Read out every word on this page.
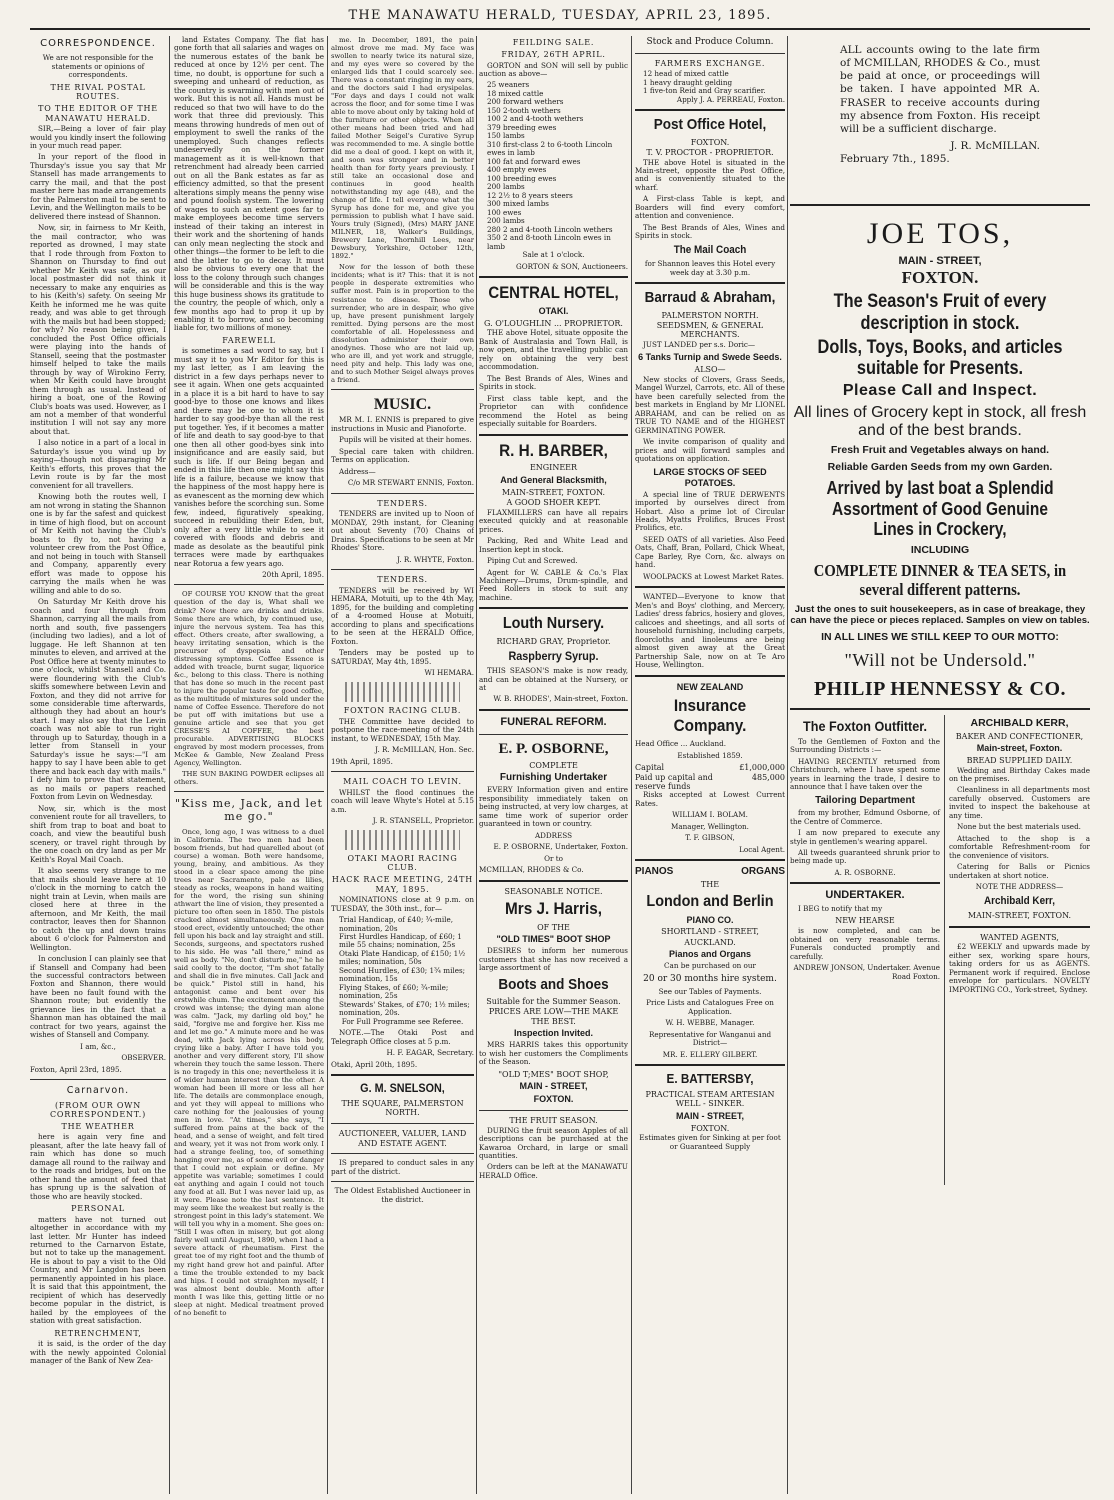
THE MANAWATU HERALD, TUESDAY, APRIL 23, 1895.
CORRESPONDENCE.

We are not responsible for the statements or opinions of correspondents.

THE RIVAL POSTAL ROUTES.
TO THE EDITOR OF THE MANAWATU HERALD.

SIR,—Being a lover of fair play would you kindly insert the following in your much read paper.

In your report of the flood in Thursday's issue you say that Mr Stansell has made arrangements to carry the mail, and that the post master here has made arrangements for the Palmerston mail to be sent to Levin, and the Wellington mails to be delivered there instead of Shannon.

Now, sir, in fairness to Mr Keith, the mail contractor, who was reported as drowned, I may state that I rode through from Foxton to Shannon on Thursday to find out whether Mr Keith was safe, as our local postmaster did not think it necessary to make any enquiries as to his (Keith's) safety. On seeing Mr Keith he informed me he was quite ready, and was able to get through with the mails but had been stopped; for why? No reason being given, I concluded the Post Office officials were playing into the hands of Stansell, seeing that the postmaster himself helped to take the mails through by way of Wirokino Ferry, when Mr Keith could have brought them through as usual. Instead of hiring a boat, one of the Rowing Club's boats was used. However, as I am not a member of that wonderful institution I will not say any more about that.

I also notice in a part of a local in Saturday's issue you wind up by saying—though not disparaging Mr Keith's efforts, this proves that the Levin route is by far the most convenient for all travellers.

Knowing both the routes well, I am not wrong in stating the Shannon one is by far the safest and quickest in time of high flood, but on account of Mr Keith not having the Club's boats to fly to, not having a volunteer crew from the Post Office, and not being in touch with Stansell and Company, apparently every effort was made to oppose his carrying the mails when he was willing and able to do so.

On Saturday Mr Keith drove his coach and four through from Shannon, carrying all the mails from north and south, five passengers (including two ladies), and a lot of luggage. He left Shannon at ten minutes to eleven, and arrived at the Post Office here at twenty minutes to one o'clock, whilst Stansell and Co. were floundering with the Club's skiffs somewhere between Levin and Foxton, and they did not arrive for some considerable time afterwards, although they had about an hour's start. I may also say that the Levin coach was not able to run right through up to Saturday, though in a letter from Stansell in your Saturday's issue he says:—"I am happy to say I have been able to get there and back each day with mails." I defy him to prove that statement, as no mails or papers reached Foxton from Levin on Wednesday.

Now, sir, which is the most convenient route for all travellers, to shift from trap to boat and boat to coach, and view the beautiful bush scenery, or travel right through by the one coach on dry land as per Mr Keith's Royal Mail Coach.

It also seems very strange to me that mails should leave here at 10 o'clock in the morning to catch the night train at Levin, when mails are closed here at three in the afternoon, and Mr Keith, the mail contractor, leaves then for Shannon to catch the up and down trains about 6 o'clock for Palmerston and Wellington.

In conclusion I can plainly see that if Stansell and Company had been the successful contractors between Foxton and Shannon, there would have been no fault found with the Shannon route; but evidently the grievance lies in the fact that a Shannon man has obtained the mail contract for two years, against the wishes of Stansell and Company.

I am, &c.,

OBSERVER.

Foxton, April 23rd, 1895.

Carnarvon.
(FROM OUR OWN CORRESPONDENT.)
THE WEATHER

here is again very fine and pleasant, after the late heavy fall of rain which has done so much damage all round to the railway and to the roads and bridges, but on the other hand the amount of feed that has sprung up is the salvation of those who are heavily stocked.

PERSONAL

matters have not turned out altogether in accordance with my last letter. Mr Hunter has indeed returned to the Carnarvon Estate, but not to take up the management. He is about to pay a visit to the Old Country, and Mr Langdon has been permanently appointed in his place. It is said that this appointment, the recipient of which has deservedly become popular in the district, is hailed by the employees of the station with great satisfaction.

RETRENCHMENT,

it is said, is the order of the day with the newly appointed Colonial manager of the Bank of New Zea-

land Estates Company. The flat has gone forth that all salaries and wages on the numerous estates of the bank be reduced at once by 12½ per cent. The time, no doubt, is opportune for such a sweeping and unheard of reduction, as the country is swarming with men out of work. But this is not all. Hands must be reduced so that two will have to do the work that three did previously. This means throwing hundreds of men out of employment to swell the ranks of the unemployed. Such changes reflects undeservedly on the former management as it is well-known that retrenchment had already been carried out on all the Bank estates as far as efficiency admitted, so that the present alterations simply means the penny wise and pound foolish system. The lowering of wages to such an extent goes far to make employees become time servers instead of their taking an interest in their work and the shortening of hands can only mean neglecting the stock and other things—the former to be left to die and the latter to go to decay. It must also be obvious to every one that the loss to the colony through such changes will be considerable and this is the way this huge business shows its gratitude to the country, the people of which, only a few months ago had to prop it up by enabling it to borrow, and so becoming liable for, two millions of money.

FAREWELL

is sometimes a sad word to say, but I must say it to you Mr Editor for this is my last letter, as I am leaving the district in a few days perhaps never to see it again. When one gets acquainted in a place it is a bit hard to have to say good-bye to those one knows and likes and there may be one to whom it is harder to say good-bye than all the rest put together. Yes, if it becomes a matter of life and death to say good-bye to that one then all other good-byes sink into insignificance and are easily said, but such is life. If our Being began and ended in this life then one might say this life is a failure, because we know that the happiness of the most happy here is as evanescent as the morning dew which vanishes before the scorching sun. Some few, indeed, figuratively speaking, succeed in rebuilding their Eden, but, only after a very little while to see it covered with floods and debris and made as desolate as the beautiful pink terraces were made by earthquakes near Rotorua a few years ago.

20th April, 1895.

OF COURSE YOU KNOW that the great question of the day is, What shall we drink? Now there are drinks and drinks. Some there are which, by continued use, injure the nervous system. Tea has this effect. Others create, after swallowing, a heavy irritating sensation, which is the precursor of dyspepsia and other distressing symptoms. Coffee Essence is added with treacle, burnt sugar, liquorice &c., belong to this class. There is nothing that has done so much in the recent past to injure the popular taste for good coffee, as the multitude of mixtures sold under the name of Coffee Essence. Therefore do not be put off with imitations but use a genuine article and see that you get CRESSE'S AI COFFEE, the best procurable. ADVERTISING BLOCKS engraved by most modern processes, from McKee & Gamble, New Zealand Press Agency, Wellington.

THE SUN BAKING POWDER eclipses all others.

"Kiss me, Jack, and let me go."

Once, long ago, I was witness to a duel in California. The two men had been bosom friends, but had quarelled about (of course) a woman. Both were handsome, young, brainy, and ambitious. As they stood in a clear space among the pine trees near Sacramento, pale as lilies, steady as rocks, weapons in hand waiting for the word, the rising sun shining athwart the line of vision, they presented a picture too often seen in 1850. The pistols cracked almost simultaneously. One man stood erect, evidently untouched; the other fell upon his back and lay straight and still. Seconds, surgeons, and spectators rushed to his side. He was "all there," mind as well as body. "No, don't disturb me," he he said coolly to the doctor, "I'm shot fatally and shall die in five minutes. Call Jack and be quick." Pistol still in hand, his antagonist came and bent over his erstwhile chum. The excitement among the crowd was intense; the dying man alone was calm. "Jack, my darling old boy," he said, "forgive me and forgive her. Kiss me and let me go." A minute more and he was dead, with Jack lying across his body, crying like a baby. After I have told you another and very different story, I'll show wherein they touch the same lesson. There is no tragedy in this one; nevertheless it is of wider human interest than the other. A woman had been ill more or less all her life. The details are commonplace enough, and yet they will appeal to millions who care nothing for the jealousies of young men in love. "At times," she says, "I suffered from pains at the back of the head, and a sense of weight, and felt tired and weary, yet it was not from work only. I had a strange feeling, too, of something hanging over me, as of some evil or danger that I could not explain or define. My appetite was variable; sometimes I could eat anything and again I could not touch any food at all. But I was never laid up, as it were. Please note the last sentence. It may seem like the weakest but really is the strongest point in this lady's statement. We will tell you why in a moment. She goes on: "Still I was often in misery, but got along fairly well until August, 1890, when I had a severe attack of rheumatism. First the great toe of my right foot and the thumb of my right hand grew hot and painful. After a time the trouble extended to my back and hips. I could not straighten myself; I was almost bent double. Month after month I was like this, getting little or no sleep at night. Medical treatment proved of no benefit to

me. In December, 1891, the pain almost drove me mad. My face was swollen to nearly twice its natural size, and my eyes were so covered by the enlarged lids that I could scarcely see. There was a constant ringing in my ears, and the doctors said I had erysipelas. "For days and days I could not walk across the floor, and for some time I was able to move about only by taking hold of the furniture or other objects. When all other means had been tried and had failed Mother Seigel's Curative Syrup was recommended to me. A single bottle did me a deal of good. I kept on with it, and soon was stronger and in better health than for forty years previously. I still take an occasional dose and continues in good health notwithstanding my age (48), and the change of life. I tell everyone what the Syrup has done for me, and give you permission to publish what I have said. Yours truly (Signed), (Mrs) MARY JANE MILNER, 18, Walker's Buildings, Brewery Lane, Thornhill Lees, near Dewsbury, Yorkshire, October 12th, 1892."

Now for the lesson of both these incidents; what is it? This: that it is not people in desperate extremities who suffer most. Pain is in proportion to the resistance to disease. Those who surrender, who are in despair, who give up, have present punishment largely remitted. Dying persons are the most comfortable of all. Hopelessness and dissolution administer their own anodynes. Those who are not laid up, who are ill, and yet work and struggle, need pity and help. This lady was one, and to such Mother Seigel always proves a friend.

MUSIC.

MR M. I. ENNIS is prepared to give instructions in Music and Pianoforte.

Pupils will be visited at their homes.

Special care taken with children. Terms on application.

Address—

C/o MR STEWART ENNIS, Foxton.

TENDERS.

TENDERS are invited up to Noon of MONDAY, 29th instant, for Cleaning out about Seventy (70) Chains of Drains. Specifications to be seen at Mr Rhodes' Store.

J. R. WHYTE, Foxton.

TENDERS.

TENDERS will be received by WI HEMARA, Motuiti, up to the 4th May, 1895, for the building and completing of a 4-roomed House at Motuiti, according to plans and specifications to be seen at the HERALD Office, Foxton.

Tenders may be posted up to SATURDAY, May 4th, 1895.

WI HEMARA.

FOXTON RACING CLUB.

THE Committee have decided to postpone the race-meeting of the 24th instant, to WEDNESDAY, 15th May.

J. R. McMILLAN, Hon. Sec.

19th April, 1895.

MAIL COACH TO LEVIN.

WHILST the flood continues the coach will leave Whyte's Hotel at 5.15 a.m.

J. R. STANSELL, Proprietor.

OTAKI MAORI RACING CLUB.
HACK RACE MEETING, 24TH MAY, 1895.

NOMINATIONS close at 9 p.m. on TUESDAY, the 30th inst., for—

Trial Handicap, of £40; ¾-mile, nomination, 20s
First Hurdles Handicap, of £60; 1 mile 55 chains; nomination, 25s
Otaki Plate Handicap, of £150; 1½ miles; nomination, 50s
Second Hurdles, of £30; 1¾ miles; nomination, 15s
Flying Stakes, of £60; ¾-mile; nomination, 25s
Stewards' Stakes, of £70; 1½ miles; nomination, 20s.

For Full Programme see Referee.

NOTE.—The Otaki Post and Telegraph Office closes at 5 p.m.

H. F. EAGAR, Secretary.

Otaki, April 20th, 1895.

G. M. SNELSON,
THE SQUARE, PALMERSTON NORTH.
AUCTIONEER, VALUER, LAND AND ESTATE AGENT.

IS prepared to conduct sales in any part of the district.

The Oldest Established Auctioneer in the district.

FEILDING SALE.
FRIDAY, 26TH APRIL.

GORTON and SON will sell by public auction as above—

25 weaners
18 mixed cattle
200 forward wethers
150 2-tooth wethers
100 2 and 4-tooth wethers
379 breeding ewes
150 lambs
310 first-class 2 to 6-tooth Lincoln ewes in lamb
100 fat and forward ewes
400 empty ewes
100 breeding ewes
200 lambs
12 2½ to 8 years steers
300 mixed lambs
100 ewes
200 lambs
280 2 and 4-tooth Lincoln wethers
350 2 and 8-tooth Lincoln ewes in lamb

Sale at 1 o'clock.

GORTON & SON, Auctioneers.

CENTRAL HOTEL,
OTAKI.
G. O'LOUGHLIN ... PROPRIETOR.

THE above Hotel, situate opposite the Bank of Australasia and Town Hall, is now open, and the travelling public can rely on obtaining the very best accommodation.

The Best Brands of Ales, Wines and Spirits in stock.

First class table kept, and the Proprietor can with confidence recommend the Hotel as being especially suitable for Boarders.

R. H. BARBER,
ENGINEER
And General Blacksmith,
MAIN-STREET, FOXTON.
A GOOD SHOER KEPT.

FLAXMILLERS can have all repairs executed quickly and at reasonable prices.

Packing, Red and White Lead and Insertion kept in stock.

Piping Cut and Screwed.

Agent for W. CABLE & Co.'s Flax Machinery—Drums, Drum-spindle, and Feed Rollers in stock to suit any machine.

Louth Nursery.
RICHARD GRAY, Proprietor.
Raspberry Syrup.

THIS SEASON'S make is now ready, and can be obtained at the Nursery, or at

W. B. RHODES', Main-street, Foxton.

FUNERAL REFORM.
E. P. OSBORNE,
COMPLETE
Furnishing Undertaker

EVERY Information given and entire responsibility immediately taken on being instructed, at very low charges, at same time work of superior order guaranteed in town or country.

ADDRESS

E. P. OSBORNE, Undertaker, Foxton.

Or to

MCMILLAN, RHODES & Co.

SEASONABLE NOTICE.
Mrs J. Harris,
OF THE
"OLD TIMES" BOOT SHOP

DESIRES to inform her numerous customers that she has now received a large assortment of

Boots and Shoes
Suitable for the Summer Season.
PRICES ARE LOW—THE MAKE THE BEST.
Inspection Invited.

MRS HARRIS takes this opportunity to wish her customers the Compliments of the Season.

"OLD T;MES" BOOT SHOP,
MAIN - STREET,
FOXTON.
THE FRUIT SEASON.

DURING the fruit season Apples of all descriptions can be purchased at the Kawaroa Orchard, in large or small quantities.

Orders can be left at the MANAWATU HERALD Office.

Stock and Produce Column.
FARMERS EXCHANGE.
12 head of mixed cattle
1 heavy draught gelding
1 five-ton Reid and Gray scarifier.

Apply J. A. PERREAU, Foxton.

Post Office Hotel,
FOXTON.
T. V. PROCTOR - PROPRIETOR.

THE above Hotel is situated in the Main-street, opposite the Post Office, and is conveniently situated to the wharf.

A First-class Table is kept, and Boarders will find every comfort, attention and convenience.

The Best Brands of Ales, Wines and Spirits in stock.

The Mail Coach

for Shannon leaves this Hotel every week day at 3.30 p.m.

Barraud & Abraham,
PALMERSTON NORTH.
SEEDSMEN, & GENERAL MERCHANTS.

JUST LANDED per s.s. Doric—

6 Tanks Turnip and Swede Seeds.
ALSO—

New stocks of Clovers, Grass Seeds, Mangel Wurzel, Carrots, etc. All of these have been carefully selected from the best markets in England by Mr LIONEL ABRAHAM, and can be relied on as TRUE TO NAME and of the HIGHEST GERMINATING POWER.

We invite comparison of quality and prices and will forward samples and quotations on application.

LARGE STOCKS OF SEED POTATOES.

A special line of TRUE DERWENTS imported by ourselves direct from Hobart. Also a prime lot of Circular Heads, Myatts Prolifics, Bruces Frost Prolifics, etc.

SEED OATS of all varieties. Also Feed Oats, Chaff, Bran, Pollard, Chick Wheat, Cape Barley, Rye Corn, &c. always on hand.

WOOLPACKS at Lowest Market Rates.

WANTED—Everyone to know that Men's and Boys' clothing, and Mercery, Ladies' dress fabrics, hosiery and gloves, calicoes and sheetings, and all sorts of household furnishing, including carpets, floorcloths and linoleums are being almost given away at the Great Partnership Sale, now on at Te Aro House, Wellington.

NEW ZEALAND
Insurance Company.

Head Office ... Auckland.

Established 1859.

Capital	£1,000,000
Paid up capital and reserve funds	485,000

Risks accepted at Lowest Current Rates.

WILLIAM I. BOLAM.

Manager, Wellington.

T. F. GIBSON,

Local Agent.

PIANOS	ORGANS
THE
London and Berlin
PIANO CO.
SHORTLAND - STREET,
AUCKLAND.
Pianos and Organs

Can be purchased on our

20 or 30 months hire system.

See our Tables of Payments.

Price Lists and Catalogues Free on Application.

W. H. WEBBE, Manager.

Representative for Wanganui and District—

MR. E. ELLERY GILBERT.

E. BATTERSBY,
PRACTICAL STEAM ARTESIAN WELL - SINKER.
MAIN - STREET,
FOXTON.

Estimates given for Sinking at per foot or Guaranteed Supply

ALL accounts owing to the late firm of MCMILLAN, RHODES & Co., must be paid at once, or proceedings will be taken. I have appointed MR A. FRASER to receive accounts during my absence from Foxton. His receipt will be a sufficient discharge.
J. R. McMILLAN.
February 7th., 1895.
JOE TOS,
MAIN - STREET,
FOXTON.
The Season's Fruit of every description in stock.
Dolls, Toys, Books, and articles suitable for Presents.
Please Call and Inspect.
All lines of Grocery kept in stock, all fresh and of the best brands.
Fresh Fruit and Vegetables always on hand.
Reliable Garden Seeds from my own Garden.
Arrived by last boat a Splendid Assortment of Good Genuine Lines in Crockery,
INCLUDING
COMPLETE DINNER & TEA SETS, in several different patterns.
Just the ones to suit housekeepers, as in case of breakage, they can have the piece or pieces replaced. Samples on view on tables.
IN ALL LINES WE STILL KEEP TO OUR MOTTO:
"Will not be Undersold."
PHILIP HENNESSY & CO.
The Foxton Outfitter.

To the Gentlemen of Foxton and the Surrounding Districts :—

HAVING RECENTLY returned from Christchurch, where I have spent some years in learning the trade, I desire to announce that I have taken over the

Tailoring Department

from my brother, Edmund Osborne, of the Centre of Commerce.

I am now prepared to execute any style in gentlemen's wearing apparel.

All tweeds guaranteed shrunk prior to being made up.

A. R. OSBORNE.

UNDERTAKER.

I BEG to notify that my

NEW HEARSE

is now completed, and can be obtained on very reasonable terms. Funerals conducted promptly and carefully.

ANDREW JONSON, Undertaker. Avenue Road Foxton.

ARCHIBALD KERR,
BAKER AND CONFECTIONER,
Main-street, Foxton.
BREAD SUPPLIED DAILY.

Wedding and Birthday Cakes made on the premises.

Cleanliness in all departments most carefully observed. Customers are invited to inspect the bakehouse at any time.

None but the best materials used.

Attached to the shop is a comfortable Refreshment-room for the convenience of visitors.

Catering for Balls or Picnics undertaken at short notice.

NOTE THE ADDRESS—

Archibald Kerr,
MAIN-STREET, FOXTON.
WANTED AGENTS,

£2 WEEKLY and upwards made by either sex, working spare hours, taking orders for us as AGENTS. Permanent work if required. Enclose envelope for particulars. NOVELTY IMPORTING CO., York-street, Sydney.
